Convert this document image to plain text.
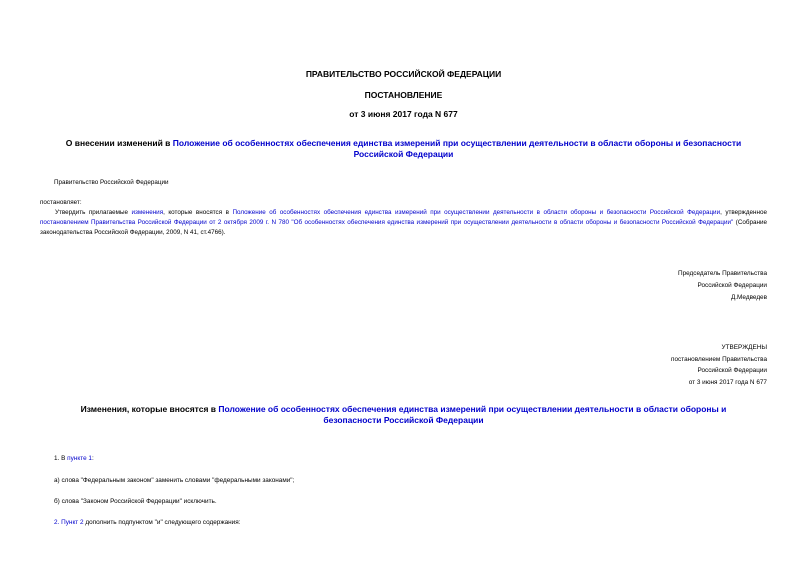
ПРАВИТЕЛЬСТВО РОССИЙСКОЙ ФЕДЕРАЦИИ
ПОСТАНОВЛЕНИЕ
от 3 июня 2017 года N 677
О внесении изменений в Положение об особенностях обеспечения единства измерений при осуществлении деятельности в области обороны и безопасности Российской Федерации
Правительство Российской Федерации
постановляет:
Утвердить прилагаемые изменения, которые вносятся в Положение об особенностях обеспечения единства измерений при осуществлении деятельности в области обороны и безопасности Российской Федерации, утвержденное постановлением Правительства Российской Федерации от 2 октября 2009 г. N 780 "Об особенностях обеспечения единства измерений при осуществлении деятельности в области обороны и безопасности Российской Федерации" (Собрание законодательства Российской Федерации, 2009, N 41, ст.4766).
Председатель Правительства
Российской Федерации
Д.Медведев
УТВЕРЖДЕНЫ
постановлением Правительства
Российской Федерации
от 3 июня 2017 года N 677
Изменения, которые вносятся в Положение об особенностях обеспечения единства измерений при осуществлении деятельности в области обороны и безопасности Российской Федерации
1. В пункте 1:
а) слова "Федеральным законом" заменить словами "федеральными законами";
б) слова "Законом Российской Федерации" исключить.
2. Пункт 2 дополнить подпунктом "и" следующего содержания:
